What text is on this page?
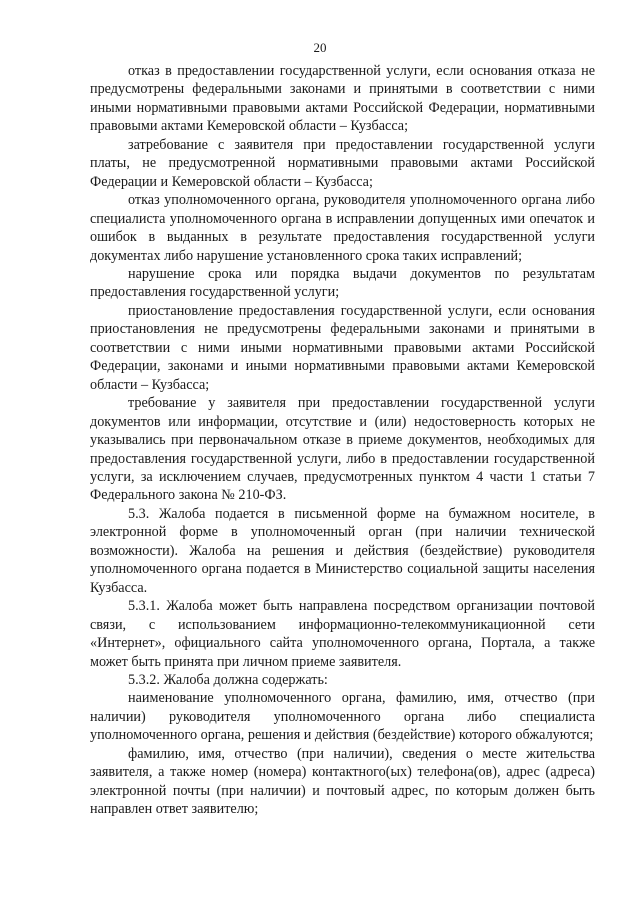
20

отказ в предоставлении государственной услуги, если основания отказа не предусмотрены федеральными законами и принятыми в соответствии с ними иными нормативными правовыми актами Российской Федерации, нормативными правовыми актами Кемеровской области – Кузбасса;

затребование с заявителя при предоставлении государственной услуги платы, не предусмотренной нормативными правовыми актами Российской Федерации и Кемеровской области – Кузбасса;

отказ уполномоченного органа, руководителя уполномоченного органа либо специалиста уполномоченного органа в исправлении допущенных ими опечаток и ошибок в выданных в результате предоставления государственной услуги документах либо нарушение установленного срока таких исправлений;

нарушение срока или порядка выдачи документов по результатам предоставления государственной услуги;

приостановление предоставления государственной услуги, если основания приостановления не предусмотрены федеральными законами и принятыми в соответствии с ними иными нормативными правовыми актами Российской Федерации, законами и иными нормативными правовыми актами Кемеровской области – Кузбасса;

требование у заявителя при предоставлении государственной услуги документов или информации, отсутствие и (или) недостоверность которых не указывались при первоначальном отказе в приеме документов, необходимых для предоставления государственной услуги, либо в предоставлении государственной услуги, за исключением случаев, предусмотренных пунктом 4 части 1 статьи 7 Федерального закона № 210-ФЗ.

5.3. Жалоба подается в письменной форме на бумажном носителе, в электронной форме в уполномоченный орган (при наличии технической возможности). Жалоба на решения и действия (бездействие) руководителя уполномоченного органа подается в Министерство социальной защиты населения Кузбасса.

5.3.1. Жалоба может быть направлена посредством организации почтовой связи, с использованием информационно-телекоммуникационной сети «Интернет», официального сайта уполномоченного органа, Портала, а также может быть принята при личном приеме заявителя.

5.3.2. Жалоба должна содержать:

наименование уполномоченного органа, фамилию, имя, отчество (при наличии) руководителя уполномоченного органа либо специалиста уполномоченного органа, решения и действия (бездействие) которого обжалуются;

фамилию, имя, отчество (при наличии), сведения о месте жительства заявителя, а также номер (номера) контактного(ых) телефона(ов), адрес (адреса) электронной почты (при наличии) и почтовый адрес, по которым должен быть направлен ответ заявителю;
